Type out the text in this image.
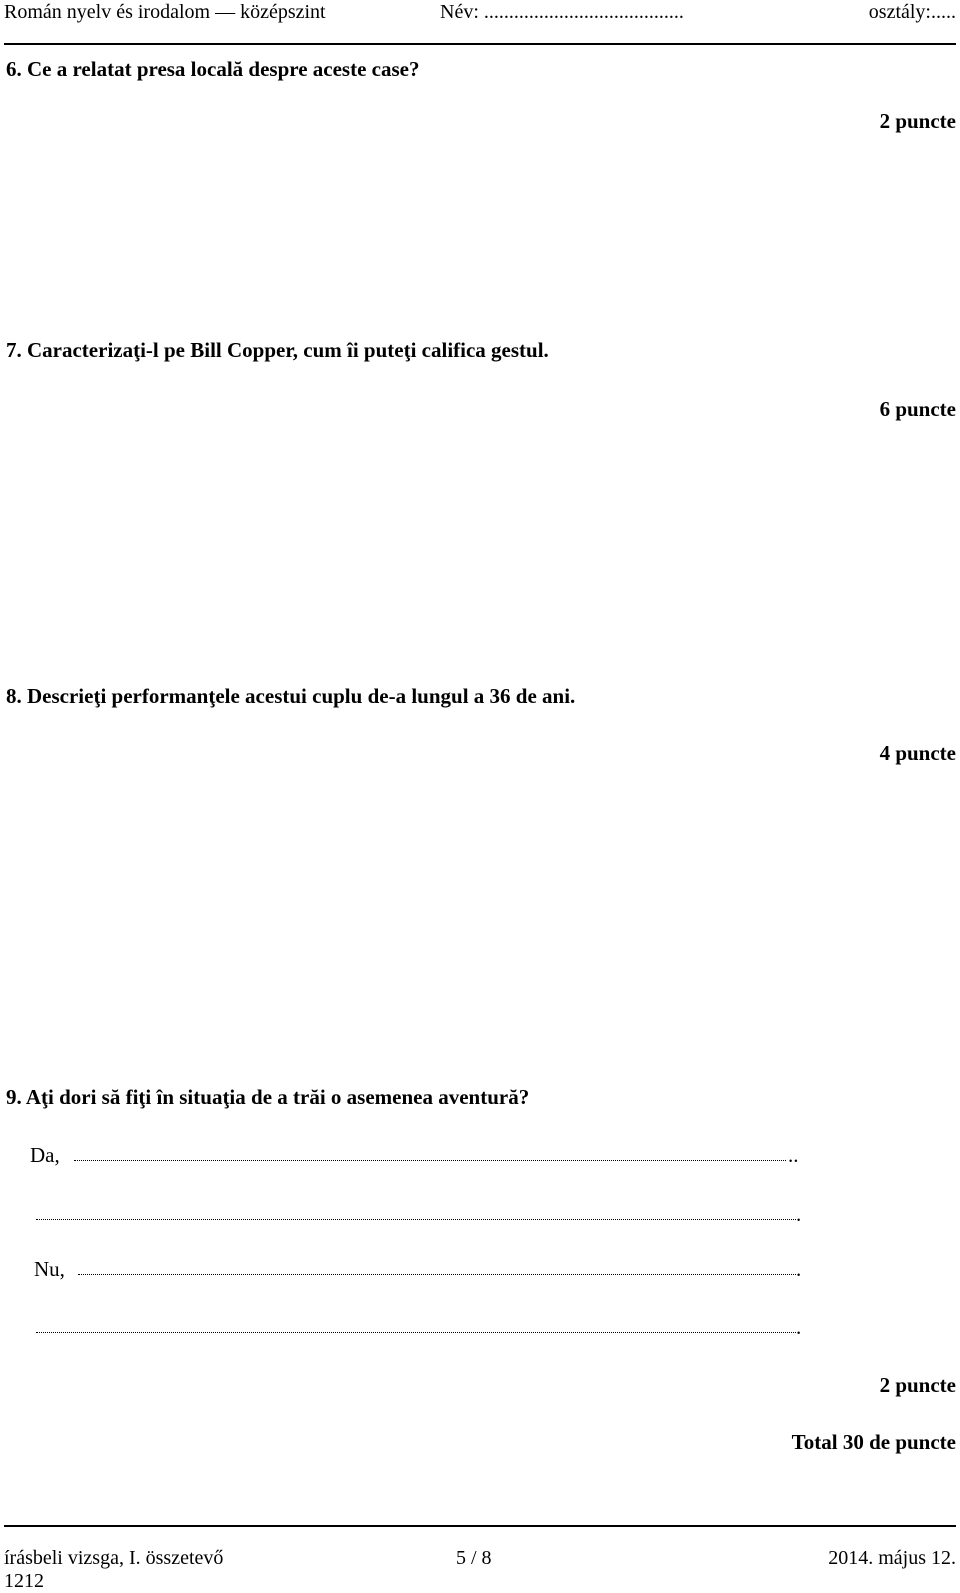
Román nyelv és irodalom — középszint	Név: ........................................	osztály:.....
6. Ce a relatat presa locală despre aceste case?
2 puncte
7. Caracterizaţi-l pe Bill Copper, cum îi puteţi califica gestul.
6 puncte
8. Descrieţi performanţele acestui cuplu de-a lungul a 36 de ani.
4 puncte
9. Aţi dori să fiţi în situaţia de a trăi o asemenea aventură?
Da,	..
.
Nu,	.
.
2 puncte
Total 30 de puncte
írásbeli vizsga, I. összetevő	5 / 8	2014. május 12.
1212
